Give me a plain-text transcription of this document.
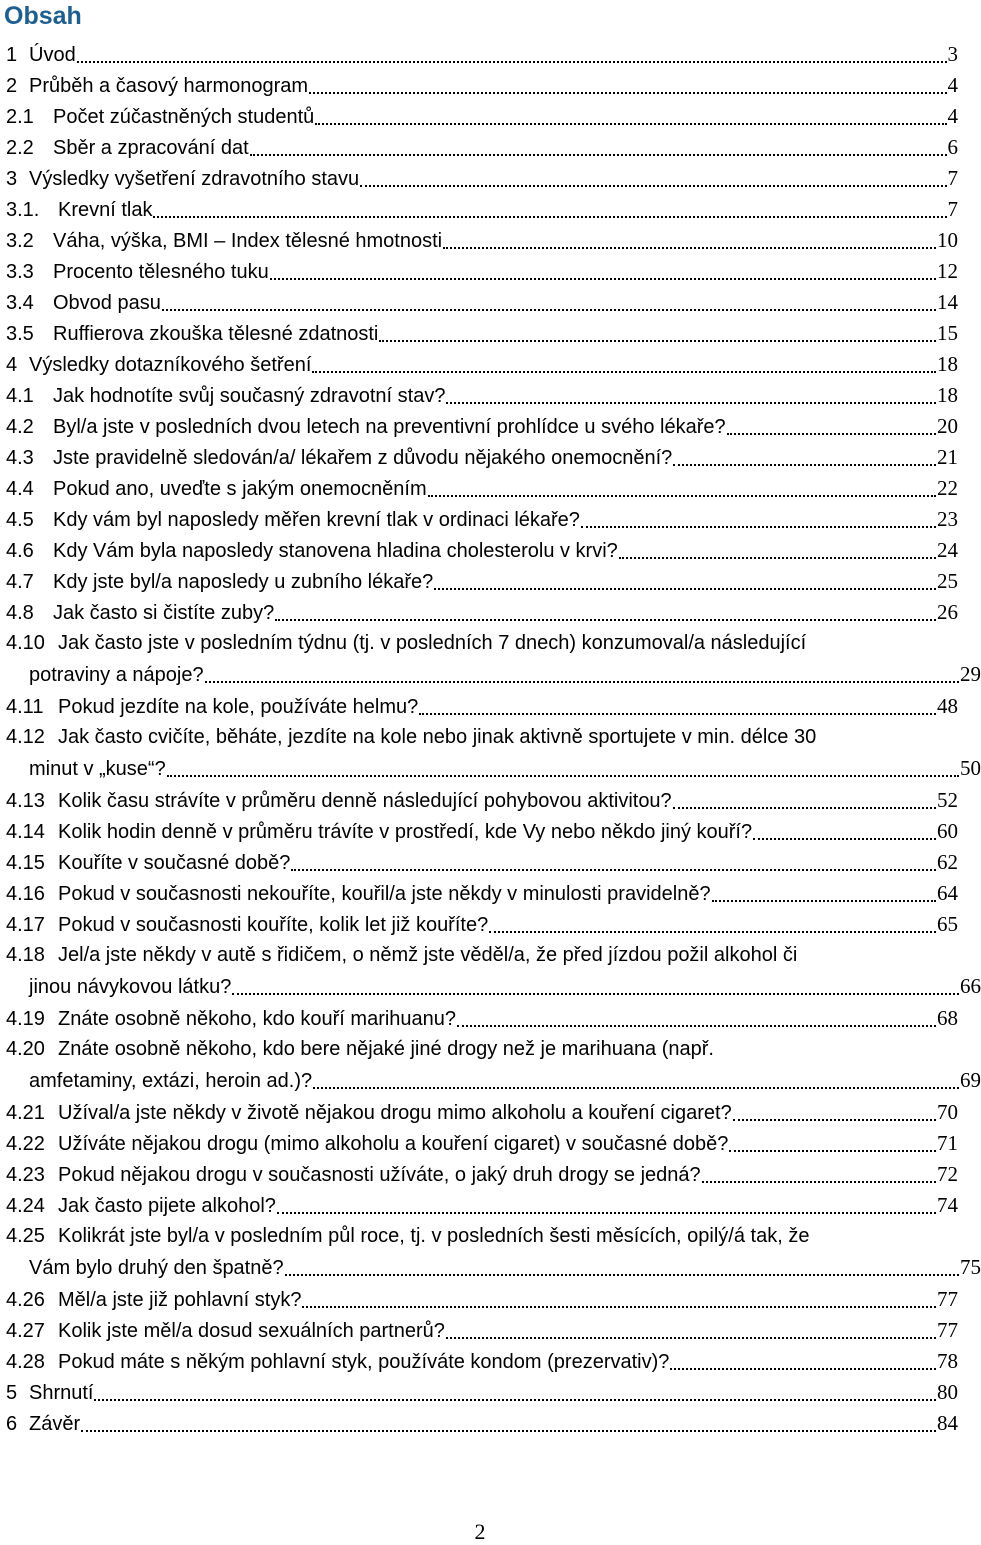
Obsah
1 Úvod	3
2 Průběh a časový harmonogram	4
2.1 Počet zúčastněných studentů	4
2.2 Sběr a zpracování dat	6
3 Výsledky vyšetření zdravotního stavu	7
3.1. Krevní tlak	7
3.2 Váha, výška, BMI – Index tělesné hmotnosti	10
3.3 Procento tělesného tuku	12
3.4 Obvod pasu	14
3.5 Ruffierova zkouška tělesné zdatnosti	15
4 Výsledky dotazníkového šetření	18
4.1 Jak hodnotíte svůj současný zdravotní stav?	18
4.2 Byl/a jste v posledních dvou letech na preventivní prohlídce u svého lékaře?	20
4.3 Jste pravidelně sledován/a/ lékařem z důvodu nějakého onemocnění?	21
4.4 Pokud ano, uveďte s jakým onemocněním	22
4.5 Kdy vám byl naposledy měřen krevní tlak v ordinaci lékaře?	23
4.6 Kdy Vám byla naposledy stanovena hladina cholesterolu v krvi?	24
4.7 Kdy jste byl/a naposledy u zubního lékaře?	25
4.8 Jak často si čistíte zuby?	26
4.10 Jak často jste v posledním týdnu (tj. v posledních 7 dnech) konzumoval/a následující
potraviny a nápoje?	29
4.11 Pokud jezdíte na kole, používáte helmu?	48
4.12 Jak často cvičíte, běháte, jezdíte na kole nebo jinak aktivně sportujete v min. délce 30
minut v „kuse“?	50
4.13 Kolik času strávíte v průměru denně následující pohybovou aktivitou?	52
4.14 Kolik hodin denně v průměru trávíte v prostředí, kde Vy nebo někdo jiný kouří?	60
4.15 Kouříte v současné době?	62
4.16 Pokud v současnosti nekouříte, kouřil/a jste někdy v minulosti pravidelně?	64
4.17 Pokud v současnosti kouříte, kolik let již kouříte?	65
4.18 Jel/a jste někdy v autě s řidičem, o němž jste věděl/a, že před jízdou požil alkohol či
jinou návykovou látku?	66
4.19 Znáte osobně někoho, kdo kouří marihuanu?	68
4.20 Znáte osobně někoho, kdo bere nějaké jiné drogy než je marihuana (např.
amfetaminy, extázi, heroin ad.)?	69
4.21 Užíval/a jste někdy v životě nějakou drogu mimo alkoholu a kouření cigaret?	70
4.22 Užíváte nějakou drogu (mimo alkoholu a kouření cigaret) v současné době?	71
4.23 Pokud nějakou drogu v současnosti užíváte, o jaký druh drogy se jedná?	72
4.24 Jak často pijete alkohol?	74
4.25 Kolikrát jste byl/a v posledním půl roce, tj. v posledních šesti měsících, opilý/á tak, že
Vám bylo druhý den špatně?	75
4.26 Měl/a jste již pohlavní styk?	77
4.27 Kolik jste měl/a dosud sexuálních partnerů?	77
4.28 Pokud máte s někým pohlavní styk, používáte kondom (prezervativ)?	78
5 Shrnutí	80
6 Závěr	84
2
